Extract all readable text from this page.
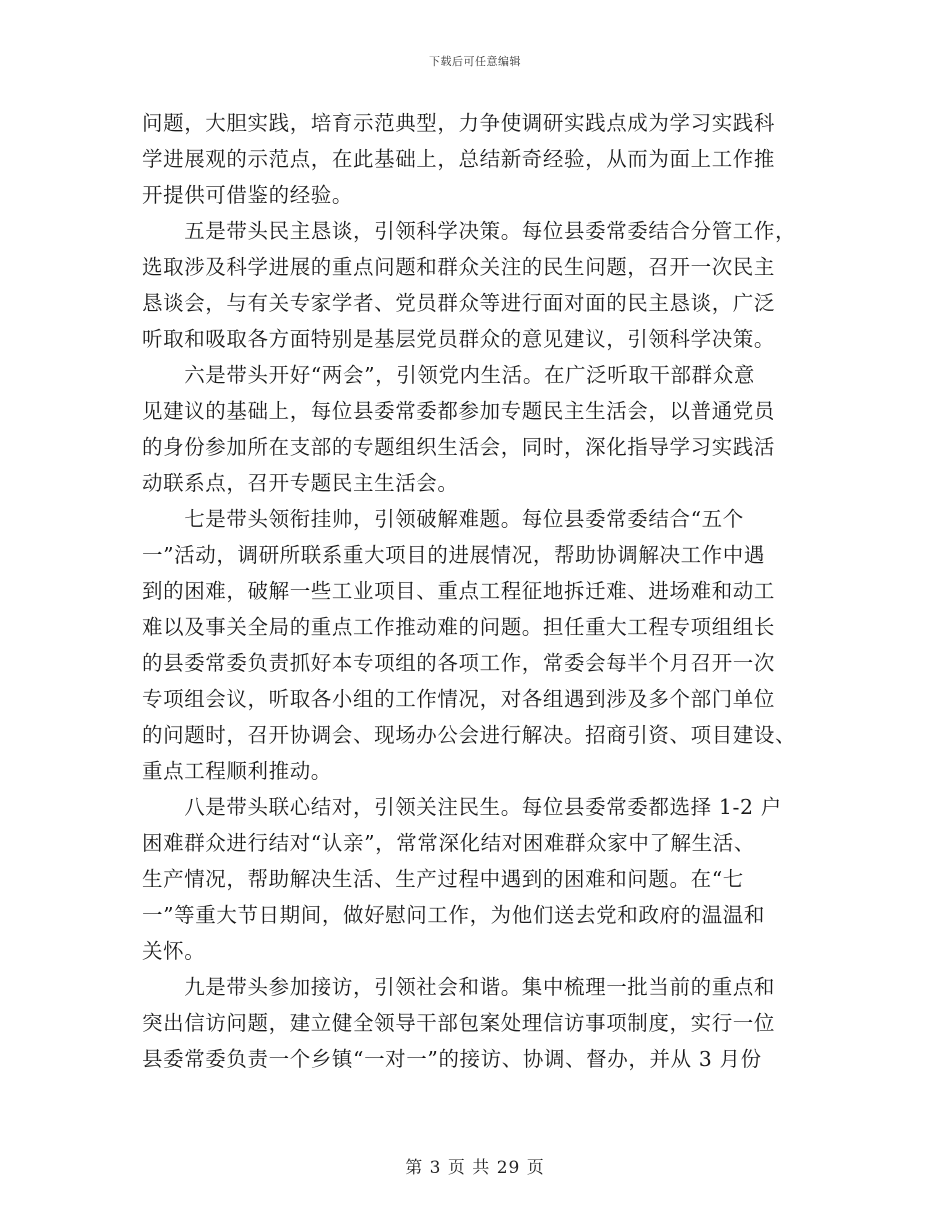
下载后可任意编辑
问题，大胆实践，培育示范典型，力争使调研实践点成为学习实践科
学进展观的示范点，在此基础上，总结新奇经验，从而为面上工作推
开提供可借鉴的经验。
　　五是带头民主恳谈，引领科学决策。每位县委常委结合分管工作，
选取涉及科学进展的重点问题和群众关注的民生问题，召开一次民主
恳谈会，与有关专家学者、党员群众等进行面对面的民主恳谈，广泛
听取和吸取各方面特别是基层党员群众的意见建议，引领科学决策。
　　六是带头开好“两会”，引领党内生活。在广泛听取干部群众意
见建议的基础上，每位县委常委都参加专题民主生活会，以普通党员
的身份参加所在支部的专题组织生活会，同时，深化指导学习实践活
动联系点，召开专题民主生活会。
　　七是带头领衔挂帅，引领破解难题。每位县委常委结合“五个
一”活动，调研所联系重大项目的进展情况，帮助协调解决工作中遇
到的困难，破解一些工业项目、重点工程征地拆迁难、进场难和动工
难以及事关全局的重点工作推动难的问题。担任重大工程专项组组长
的县委常委负责抓好本专项组的各项工作，常委会每半个月召开一次
专项组会议，听取各小组的工作情况，对各组遇到涉及多个部门单位
的问题时，召开协调会、现场办公会进行解决。招商引资、项目建设、
重点工程顺利推动。
　　八是带头联心结对，引领关注民生。每位县委常委都选择 1-2 户
困难群众进行结对“认亲”，常常深化结对困难群众家中了解生活、
生产情况，帮助解决生活、生产过程中遇到的困难和问题。在“七
一”等重大节日期间，做好慰问工作，为他们送去党和政府的温温和
关怀。
　　九是带头参加接访，引领社会和谐。集中梳理一批当前的重点和
突出信访问题，建立健全领导干部包案处理信访事项制度，实行一位
县委常委负责一个乡镇“一对一”的接访、协调、督办，并从 3 月份
第 3 页 共 29 页
